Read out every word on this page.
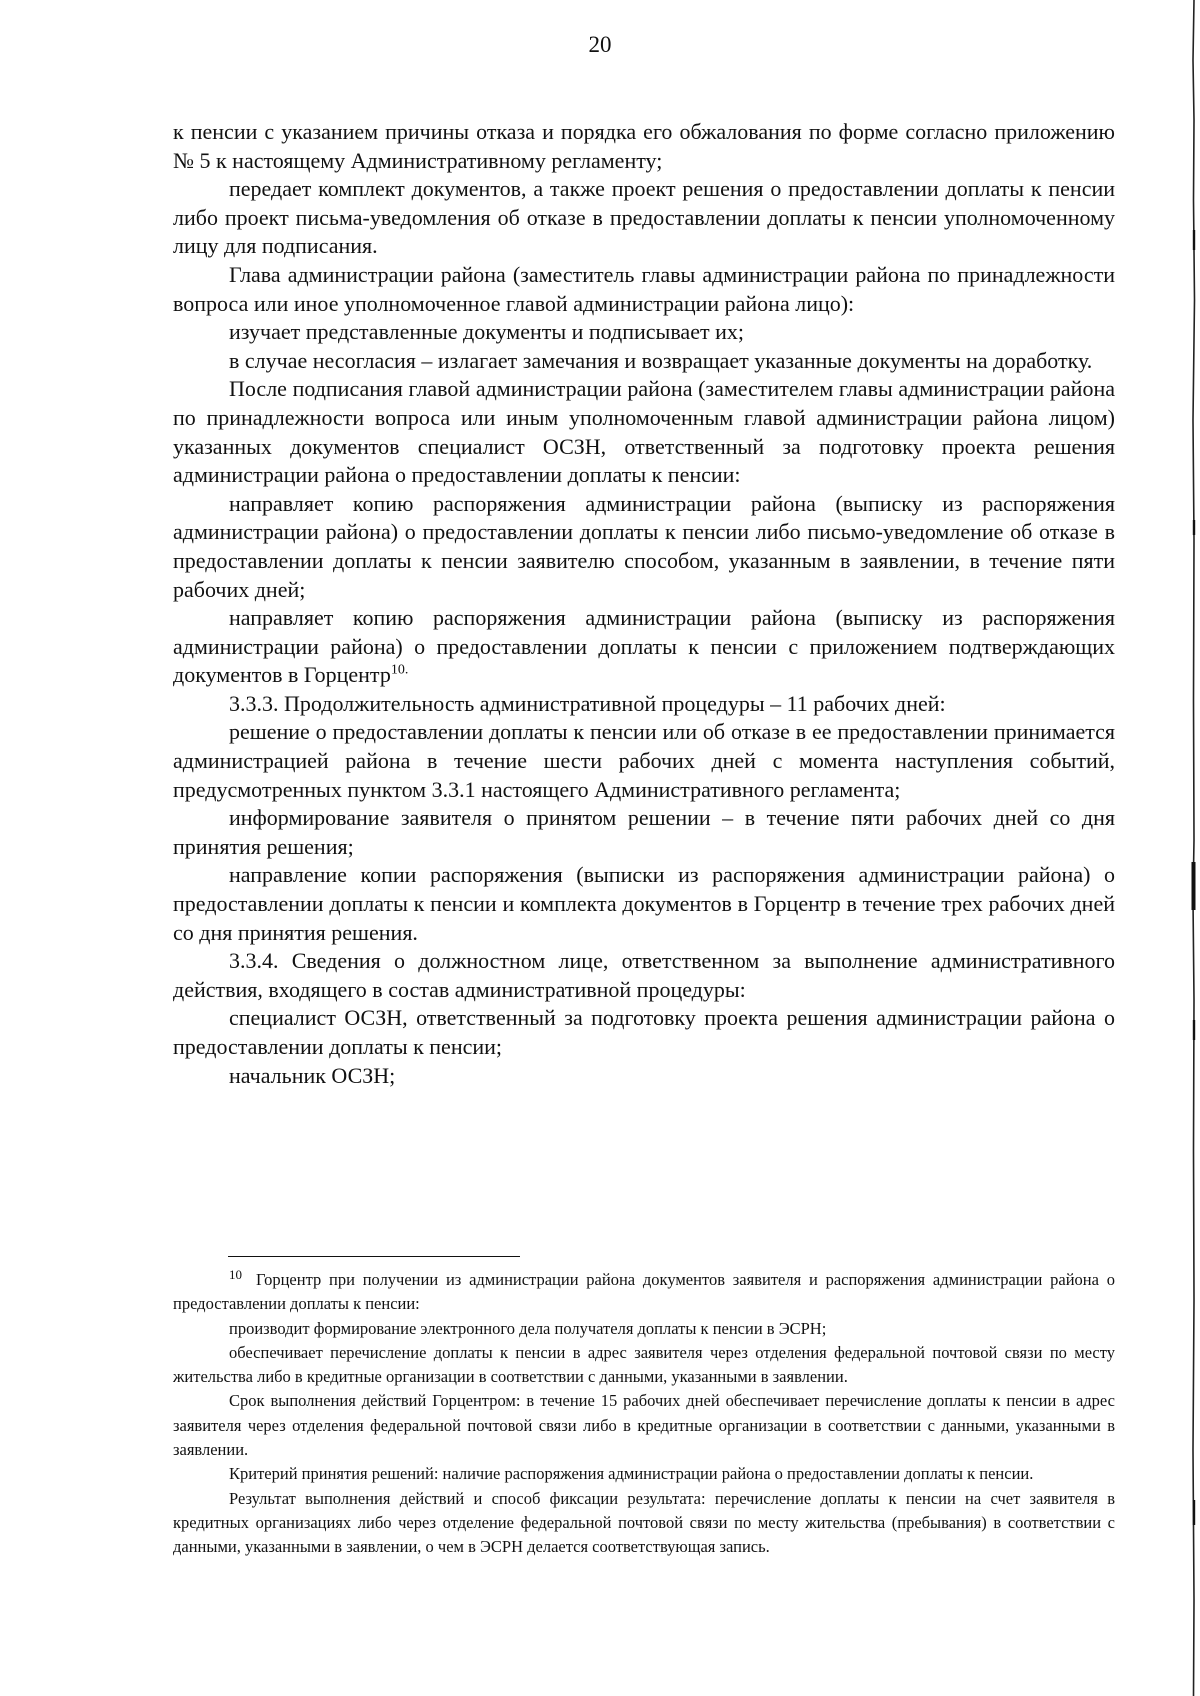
20

к пенсии с указанием причины отказа и порядка его обжалования по форме согласно приложению № 5 к настоящему Административному регламенту;

передает комплект документов, а также проект решения о предоставлении доплаты к пенсии либо проект письма-уведомления об отказе в предоставлении доплаты к пенсии уполномоченному лицу для подписания.

Глава администрации района (заместитель главы администрации района по принадлежности вопроса или иное уполномоченное главой администрации района лицо):

изучает представленные документы и подписывает их;

в случае несогласия – излагает замечания и возвращает указанные документы на доработку.

После подписания главой администрации района (заместителем главы администрации района по принадлежности вопроса или иным уполномоченным главой администрации района лицом) указанных документов специалист ОСЗН, ответственный за подготовку проекта решения администрации района о предоставлении доплаты к пенсии:

направляет копию распоряжения администрации района (выписку из распоряжения администрации района) о предоставлении доплаты к пенсии либо письмо-уведомление об отказе в предоставлении доплаты к пенсии заявителю способом, указанным в заявлении, в течение пяти рабочих дней;

направляет копию распоряжения администрации района (выписку из распоряжения администрации района) о предоставлении доплаты к пенсии с приложением подтверждающих документов в Горцентр$^{10.}$

3.3.3. Продолжительность административной процедуры – 11 рабочих дней:

решение о предоставлении доплаты к пенсии или об отказе в ее предоставлении принимается администрацией района в течение шести рабочих дней с момента наступления событий, предусмотренных пунктом 3.3.1 настоящего Административного регламента;

информирование заявителя о принятом решении – в течение пяти рабочих дней со дня принятия решения;

направление копии распоряжения (выписки из распоряжения администрации района) о предоставлении доплаты к пенсии и комплекта документов в Горцентр в течение трех рабочих дней со дня принятия решения.

3.3.4. Сведения о должностном лице, ответственном за выполнение административного действия, входящего в состав административной процедуры:

специалист ОСЗН, ответственный за подготовку проекта решения администрации района о предоставлении доплаты к пенсии;

начальник ОСЗН;

$^{10}$ Горцентр при получении из администрации района документов заявителя и распоряжения администрации района о предоставлении доплаты к пенсии:

производит формирование электронного дела получателя доплаты к пенсии в ЭСРН;

обеспечивает перечисление доплаты к пенсии в адрес заявителя через отделения федеральной почтовой связи по месту жительства либо в кредитные организации в соответствии с данными, указанными в заявлении.

Срок выполнения действий Горцентром: в течение 15 рабочих дней обеспечивает перечисление доплаты к пенсии в адрес заявителя через отделения федеральной почтовой связи либо в кредитные организации в соответствии с данными, указанными в заявлении.

Критерий принятия решений: наличие распоряжения администрации района о предоставлении доплаты к пенсии.

Результат выполнения действий и способ фиксации результата: перечисление доплаты к пенсии на счет заявителя в кредитных организациях либо через отделение федеральной почтовой связи по месту жительства (пребывания) в соответствии с данными, указанными в заявлении, о чем в ЭСРН делается соответствующая запись.
